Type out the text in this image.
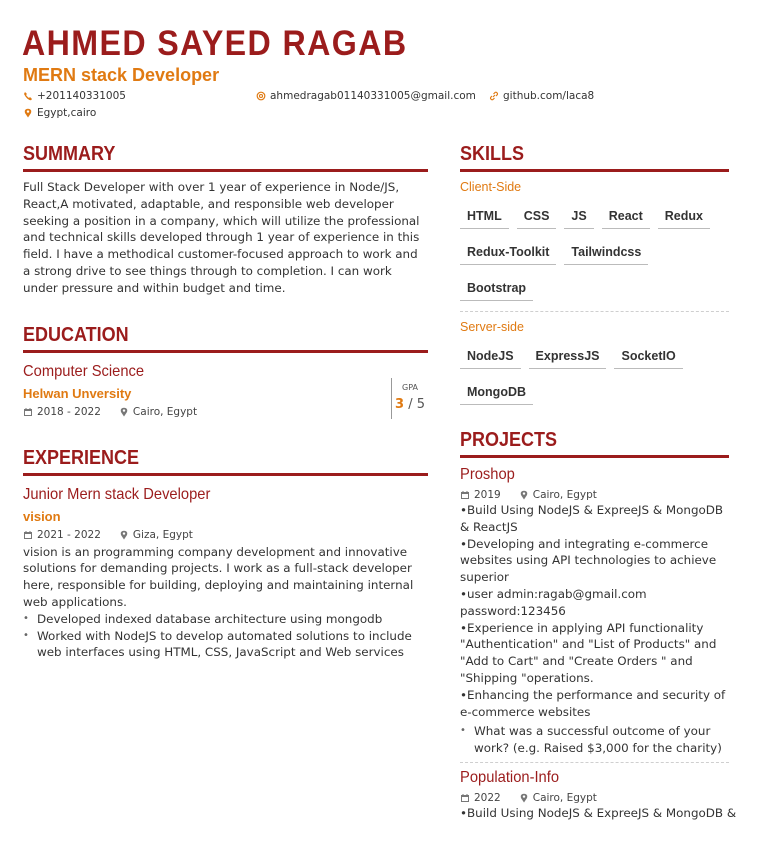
AHMED SAYED RAGAB
MERN stack Developer
+201140331005	ahmedragab01140331005@gmail.com	github.com/laca8
Egypt,cairo
SUMMARY
Full Stack Developer with over 1 year of experience in Node/JS, React,A motivated, adaptable, and responsible web developer seeking a position in a company, which will utilize the professional and technical skills developed through 1 year of experience in this field. I have a methodical customer-focused approach to work and a strong drive to see things through to completion. I can work under pressure and within budget and time.
EDUCATION
Computer Science
Helwan Unversity
2018 - 2022	Cairo, Egypt
GPA
3 / 5
EXPERIENCE
Junior Mern stack Developer
vision
2021 - 2022	Giza, Egypt
vision is an programming company development and innovative solutions for demanding projects. I work as a full-stack developer here, responsible for building, deploying and maintaining internal web applications.
• Developed indexed database architecture using mongodb
• Worked with NodeJS to develop automated solutions to include web interfaces using HTML, CSS, JavaScript and Web services
SKILLS
Client-Side
HTML	CSS	JS	React	Redux
Redux-Toolkit	Tailwindcss
Bootstrap
Server-side
NodeJS	ExpressJS	SocketIO
MongoDB
PROJECTS
Proshop
2019	Cairo, Egypt
•Build Using NodeJS & ExpreeJS & MongoDB & ReactJS
•Developing and integrating e-commerce websites using API technologies to achieve superior
•user admin:ragab@gmail.com password:123456
•Experience in applying API functionality "Authentication" and "List of Products" and "Add to Cart" and "Create Orders " and "Shipping "operations.
•Enhancing the performance and security of e-commerce websites
• What was a successful outcome of your work? (e.g. Raised $3,000 for the charity)
Population-Info
2022	Cairo, Egypt
•Build Using NodeJS & ExpreeJS & MongoDB &
